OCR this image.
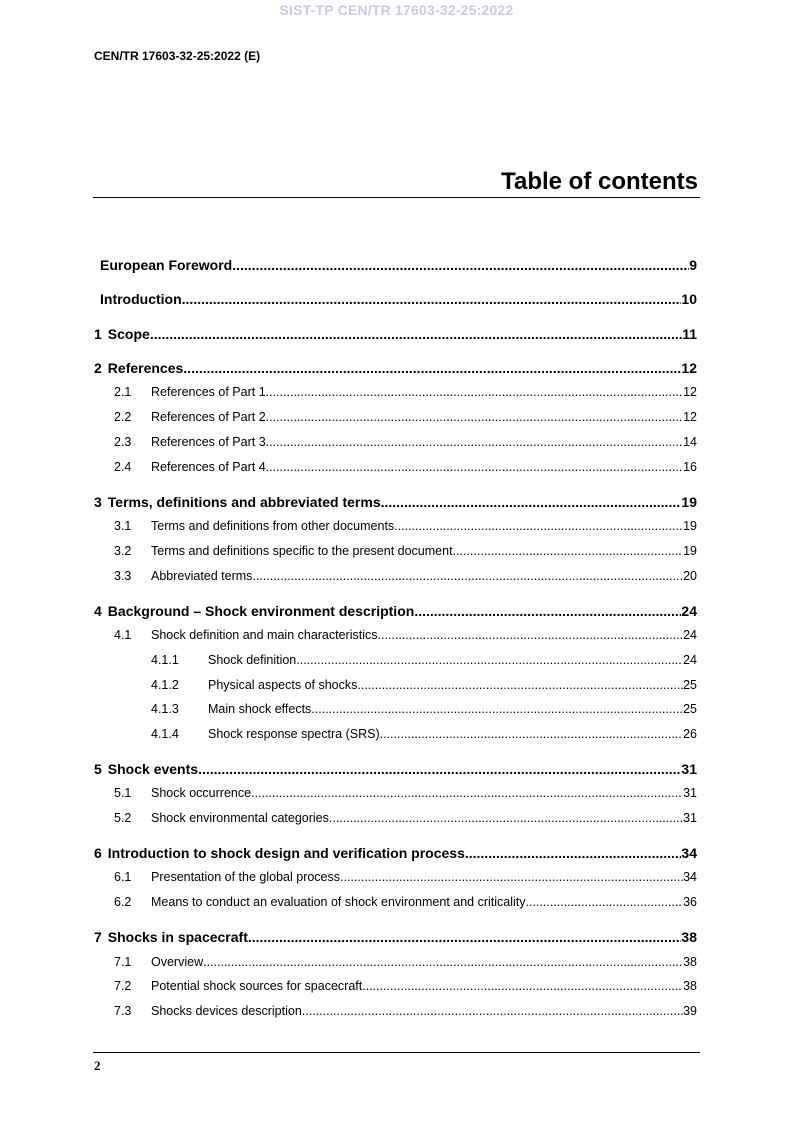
SIST-TP CEN/TR 17603-32-25:2022
CEN/TR 17603-32-25:2022 (E)
Table of contents
European Foreword .....	9
Introduction .....	10
1 Scope .....	11
2 References .....	12
2.1	References of Part 1 .....	12
2.2	References of Part 2 .....	12
2.3	References of Part 3 .....	14
2.4	References of Part 4 .....	16
3 Terms, definitions and abbreviated terms .....	19
3.1	Terms and definitions from other documents .....	19
3.2	Terms and definitions specific to the present document .....	19
3.3	Abbreviated terms .....	20
4 Background – Shock environment description .....	24
4.1	Shock definition and main characteristics .....	24
4.1.1	Shock definition .....	24
4.1.2	Physical aspects of shocks .....	25
4.1.3	Main shock effects .....	25
4.1.4	Shock response spectra (SRS) .....	26
5 Shock events .....	31
5.1	Shock occurrence .....	31
5.2	Shock environmental categories .....	31
6 Introduction to shock design and verification process .....	34
6.1	Presentation of the global process .....	34
6.2	Means to conduct an evaluation of shock environment and criticality .....	36
7 Shocks in spacecraft .....	38
7.1	Overview .....	38
7.2	Potential shock sources for spacecraft .....	38
7.3	Shocks devices description .....	39
2
